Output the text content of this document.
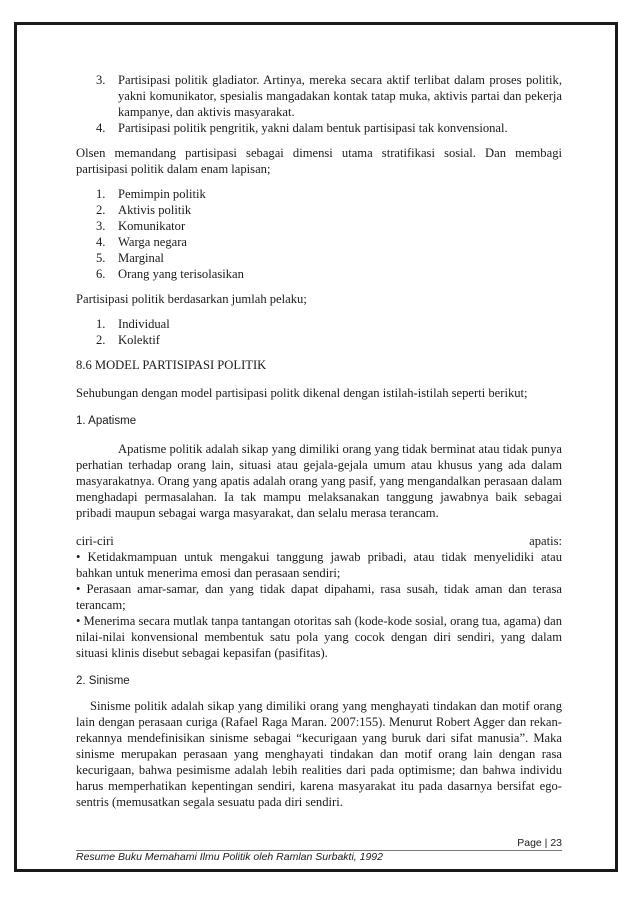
3. Partisipasi politik gladiator. Artinya, mereka secara aktif terlibat dalam proses politik, yakni komunikator, spesialis mangadakan kontak tatap muka, aktivis partai dan pekerja kampanye, dan aktivis masyarakat.
4. Partisipasi politik pengritik, yakni dalam bentuk partisipasi tak konvensional.

Olsen memandang partisipasi sebagai dimensi utama stratifikasi sosial. Dan membagi partisipasi politik dalam enam lapisan;

1. Pemimpin politik
2. Aktivis politik
3. Komunikator
4. Warga negara
5. Marginal
6. Orang yang terisolasikan

Partisipasi politik berdasarkan jumlah pelaku;

1. Individual
2. Kolektif

8.6 MODEL PARTISIPASI POLITIK

Sehubungan dengan model partisipasi politk dikenal dengan istilah-istilah seperti berikut;

1. Apatisme

Apatisme politik adalah sikap yang dimiliki orang yang tidak berminat atau tidak punya perhatian terhadap orang lain, situasi atau gejala-gejala umum atau khusus yang ada dalam masyarakatnya. Orang yang apatis adalah orang yang pasif, yang mengandalkan perasaan dalam menghadapi permasalahan. Ia tak mampu melaksanakan tanggung jawabnya baik sebagai pribadi maupun sebagai warga masyarakat, dan selalu merasa terancam.

ciri-ciri	apatis:

• Ketidakmampuan untuk mengakui tanggung jawab pribadi, atau tidak menyelidiki atau bahkan untuk menerima emosi dan perasaan sendiri;

• Perasaan amar-samar, dan yang tidak dapat dipahami, rasa susah, tidak aman dan terasa terancam;

• Menerima secara mutlak tanpa tantangan otoritas sah (kode-kode sosial, orang tua, agama) dan nilai-nilai konvensional membentuk satu pola yang cocok dengan diri sendiri, yang dalam situasi klinis disebut sebagai kepasifan (pasifitas).

2. Sinisme

Sinisme politik adalah sikap yang dimiliki orang yang menghayati tindakan dan motif orang lain dengan perasaan curiga (Rafael Raga Maran. 2007:155). Menurut Robert Agger dan rekan-rekannya mendefinisikan sinisme sebagai “kecurigaan yang buruk dari sifat manusia”. Maka sinisme merupakan perasaan yang menghayati tindakan dan motif orang lain dengan rasa kecurigaan, bahwa pesimisme adalah lebih realities dari pada optimisme; dan bahwa individu harus memperhatikan kepentingan sendiri, karena masyarakat itu pada dasarnya bersifat ego-sentris (memusatkan segala sesuatu pada diri sendiri.

Page | 23
Resume Buku Memahami Ilmu Politik oleh Ramlan Surbakti, 1992
